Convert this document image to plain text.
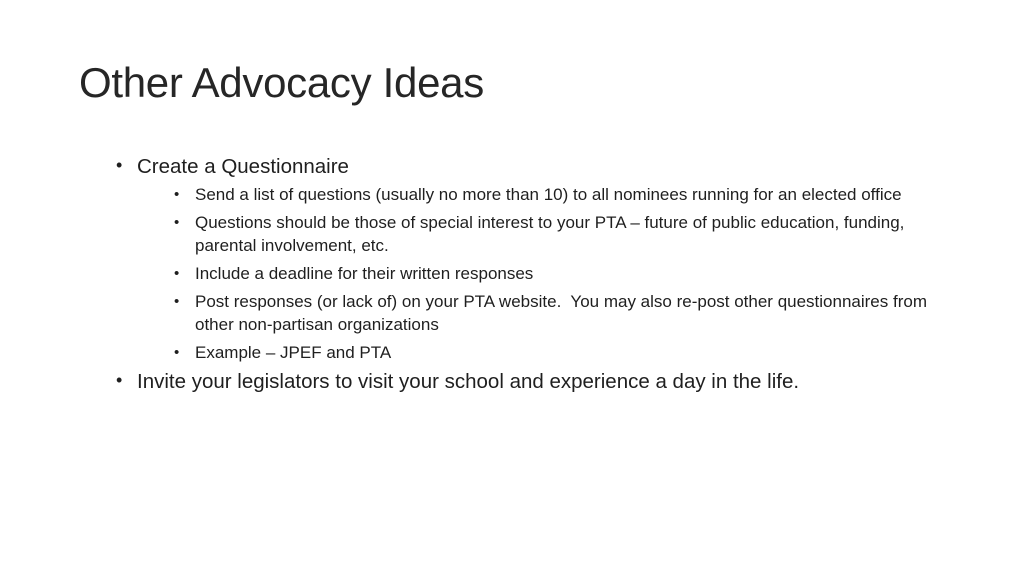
Other Advocacy Ideas
• Create a Questionnaire
• Send a list of questions (usually no more than 10) to all nominees running for an elected office
• Questions should be those of special interest to your PTA – future of public education, funding, parental involvement, etc.
• Include a deadline for their written responses
• Post responses (or lack of) on your PTA website.  You may also re-post other questionnaires from other non-partisan organizations
• Example – JPEF and PTA
• Invite your legislators to visit your school and experience a day in the life.
